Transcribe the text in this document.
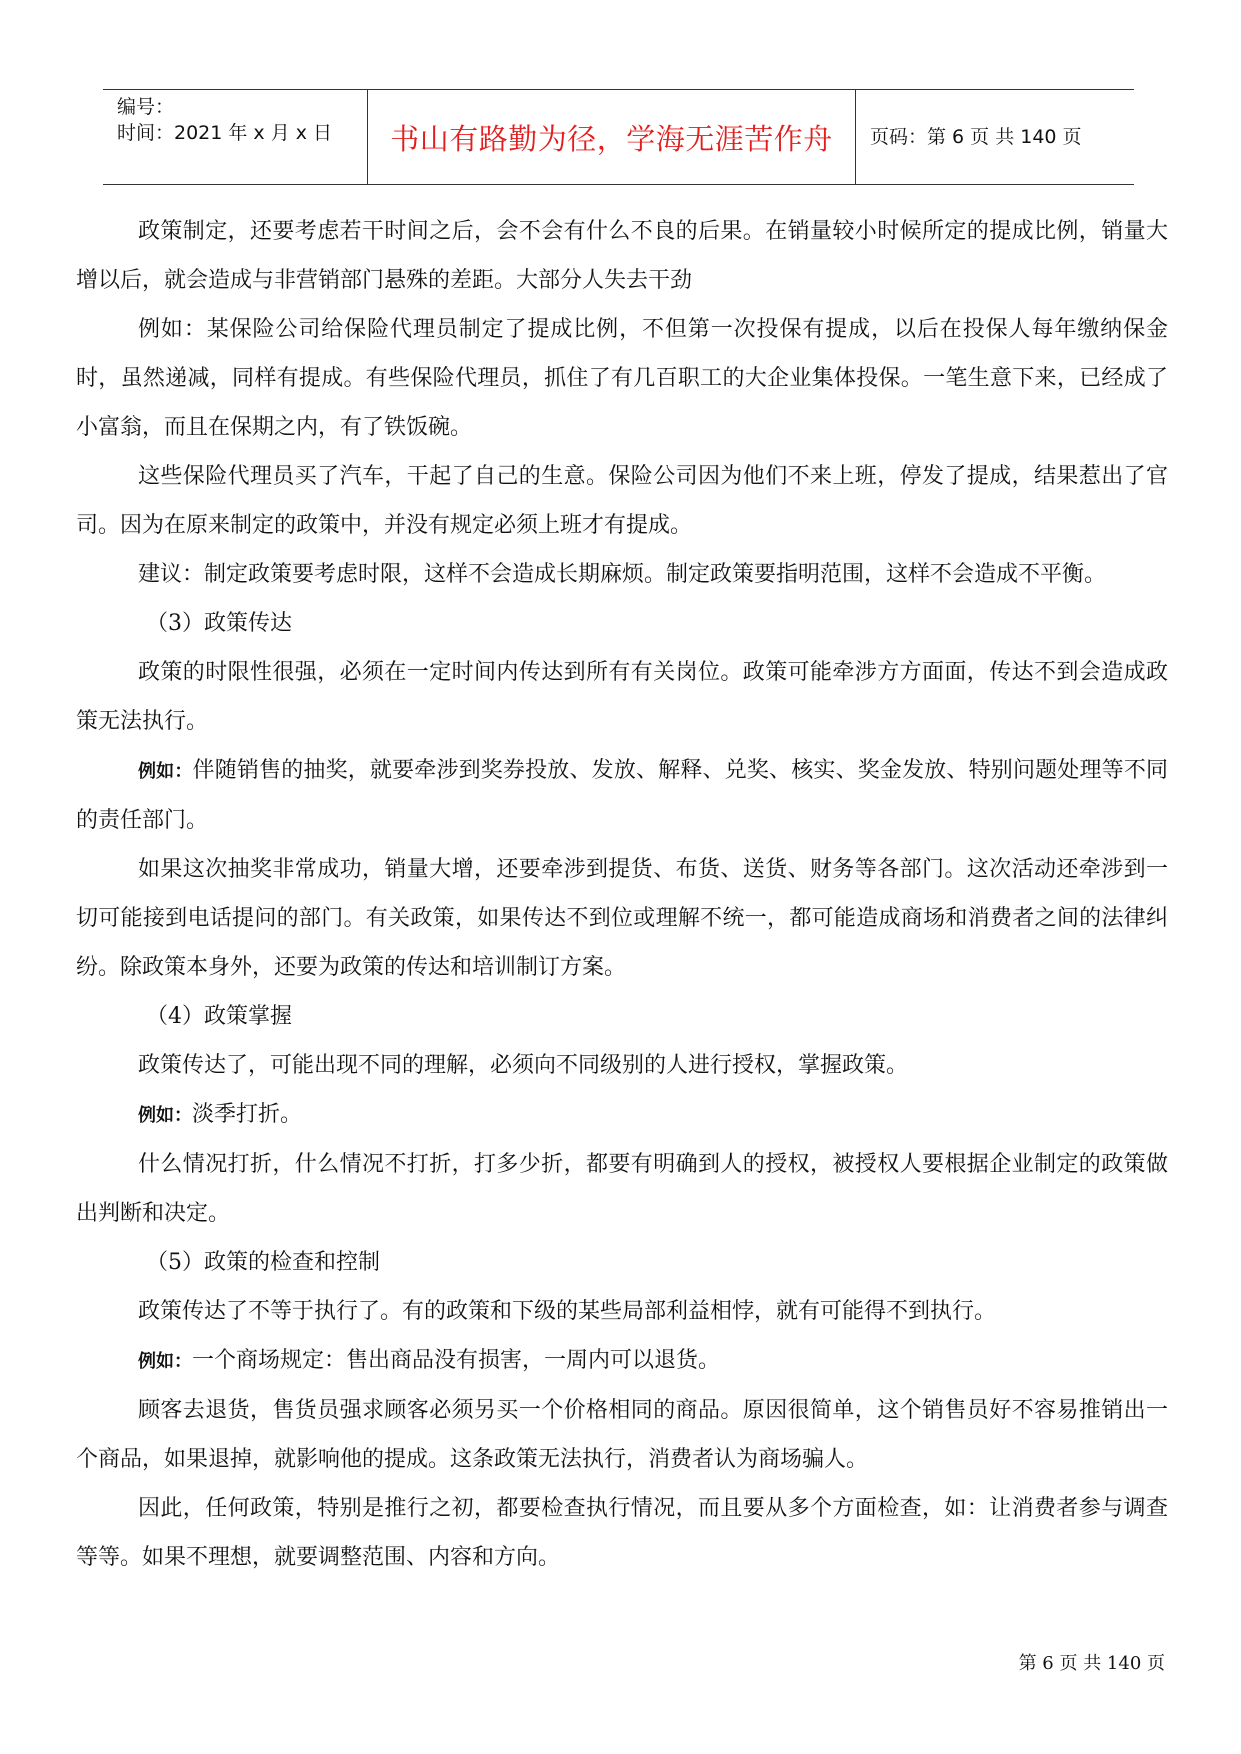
编号：
时间：2021 年 x 月 x 日 书山有路勤为径，学海无涯苦作舟 页码：第 6 页 共 140 页

政策制定，还要考虑若干时间之后，会不会有什么不良的后果。在销量较小时候所定的提成比例，销量大增以后，就会造成与非营销部门悬殊的差距。大部分人失去干劲

例如：某保险公司给保险代理员制定了提成比例，不但第一次投保有提成，以后在投保人每年缴纳保金时，虽然递减，同样有提成。有些保险代理员，抓住了有几百职工的大企业集体投保。一笔生意下来，已经成了小富翁，而且在保期之内，有了铁饭碗。

这些保险代理员买了汽车，干起了自己的生意。保险公司因为他们不来上班，停发了提成，结果惹出了官司。因为在原来制定的政策中，并没有规定必须上班才有提成。

建议：制定政策要考虑时限，这样不会造成长期麻烦。制定政策要指明范围，这样不会造成不平衡。

（3）政策传达

政策的时限性很强，必须在一定时间内传达到所有有关岗位。政策可能牵涉方方面面，传达不到会造成政策无法执行。

例如：伴随销售的抽奖，就要牵涉到奖券投放、发放、解释、兑奖、核实、奖金发放、特别问题处理等不同的责任部门。

如果这次抽奖非常成功，销量大增，还要牵涉到提货、布货、送货、财务等各部门。这次活动还牵涉到一切可能接到电话提问的部门。有关政策，如果传达不到位或理解不统一，都可能造成商场和消费者之间的法律纠纷。除政策本身外，还要为政策的传达和培训制订方案。

（4）政策掌握

政策传达了，可能出现不同的理解，必须向不同级别的人进行授权，掌握政策。

例如：淡季打折。

什么情况打折，什么情况不打折，打多少折，都要有明确到人的授权，被授权人要根据企业制定的政策做出判断和决定。

（5）政策的检查和控制

政策传达了不等于执行了。有的政策和下级的某些局部利益相悖，就有可能得不到执行。

例如：一个商场规定：售出商品没有损害，一周内可以退货。

顾客去退货，售货员强求顾客必须另买一个价格相同的商品。原因很简单，这个销售员好不容易推销出一个商品，如果退掉，就影响他的提成。这条政策无法执行，消费者认为商场骗人。

因此，任何政策，特别是推行之初，都要检查执行情况，而且要从多个方面检查，如：让消费者参与调查等等。如果不理想，就要调整范围、内容和方向。

第 6 页 共 140 页
